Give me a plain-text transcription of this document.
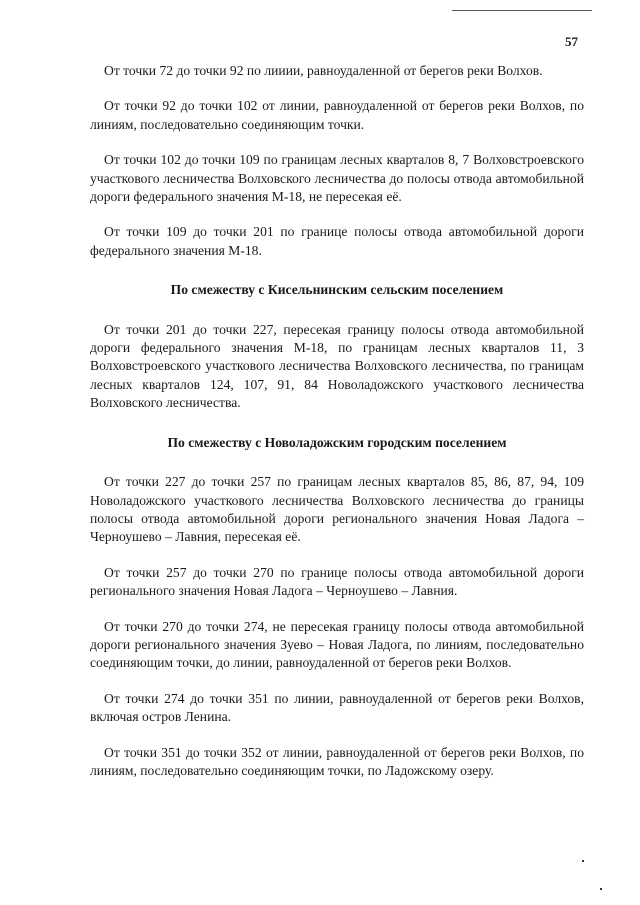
57

От точки 72 до точки 92 по лииии, равноудаленной от берегов реки Волхов.

От точки 92 до точки 102 от линии, равноудаленной от берегов реки Волхов, по линиям, последовательно соединяющим точки.

От точки 102 до точки 109 по границам лесных кварталов 8, 7 Волховстроевского участкового лесничества Волховского лесничества до полосы отвода автомобильной дороги федерального значения М-18, не пересекая её.

От точки 109 до точки 201 по границе полосы отвода автомобильной дороги федерального значения М-18.

По смежеству с Кисельнинским сельским поселением

От точки 201 до точки 227, пересекая границу полосы отвода автомобильной дороги федерального значения М-18, по границам лесных кварталов 11, 3 Волховстроевского участкового лесничества Волховского лесничества, по границам лесных кварталов 124, 107, 91, 84 Новоладожского участкового лесничества Волховского лесничества.

По смежеству с Новоладожским городским поселением

От точки 227 до точки 257 по границам лесных кварталов 85, 86, 87, 94, 109 Новоладожского участкового лесничества Волховского лесничества до границы полосы отвода автомобильной дороги регионального значения Новая Ладога – Черноушево – Лавния, пересекая её.

От точки 257 до точки 270 по границе полосы отвода автомобильной дороги регионального значения Новая Ладога – Черноушево – Лавния.

От точки 270 до точки 274, не пересекая границу полосы отвода автомобильной дороги регионального значения Зуево – Новая Ладога, по линиям, последовательно соединяющим точки, до линии, равноудаленной от берегов реки Волхов.

От точки 274 до точки 351 по линии, равноудаленной от берегов реки Волхов, включая остров Ленина.

От точки 351 до точки 352 от линии, равноудаленной от берегов реки Волхов, по линиям, последовательно соединяющим точки, по Ладожскому озеру.
